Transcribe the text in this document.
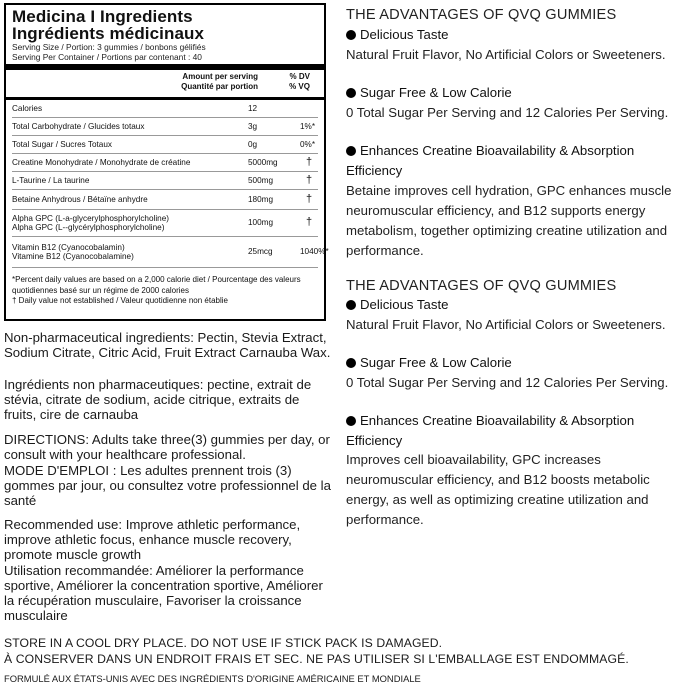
Medicina I Ingredients
Ingrédients médicinaux
Serving Size / Portion: 3 gummies / bonbons gélifiés
Serving Per Container / Portions par contenant : 40
Amount per serving
Quantité par portion
% DV
% VQ
Calories	12
Total Carbohydrate / Glucides totaux	3g	1%*
Total Sugar / Sucres Totaux	0g	0%*
Creatine Monohydrate / Monohydrate de créatine	5000mg	†
L-Taurine / La taurine	500mg	†
Betaine Anhydrous / Bétaïne anhydre	180mg	†
Alpha GPC (L-a-glycerylphosphorylcholine)
Alpha GPC (L--glycérylphosphorylcholine)
100mg	†
Vitamin B12 (Cyanocobalamin)
Vitamine B12 (Cyanocobalamine)
25mcg	1040%*
*Percent daily values are based on a 2,000 calorie diet / Pourcentage des valeurs quotidiennes basé sur un régime de 2000 calories
† Daily value not established / Valeur quotidienne non établie
Non-pharmaceutical ingredients: Pectin, Stevia Extract, Sodium Citrate, Citric Acid, Fruit Extract Carnauba Wax.
Ingrédients non pharmaceutiques: pectine, extrait de stévia, citrate de sodium, acide citrique, extraits de fruits, cire de carnauba
DIRECTIONS: Adults take three(3) gummies per day, or consult with your healthcare professional.
MODE D'EMPLOI : Les adultes prennent trois (3) gommes par jour, ou consultez votre professionnel de la santé
Recommended use: Improve athletic performance, improve athletic focus, enhance muscle recovery, promote muscle growth
Utilisation recommandée: Améliorer la performance sportive, Améliorer la concentration sportive, Améliorer la récupération musculaire, Favoriser la croissance musculaire
THE ADVANTAGES OF QVQ GUMMIES
Delicious Taste
Natural Fruit Flavor, No Artificial Colors or Sweeteners.
Sugar Free & Low Calorie
0 Total Sugar Per Serving and 12 Calories Per Serving.
Enhances Creatine Bioavailability & Absorption Efficiency
Betaine improves cell hydration, GPC enhances muscle neuromuscular efficiency, and B12 supports energy metabolism, together optimizing creatine utilization and performance.
THE ADVANTAGES OF QVQ GUMMIES
Delicious Taste
Natural Fruit Flavor, No Artificial Colors or Sweeteners.
Sugar Free & Low Calorie
0 Total Sugar Per Serving and 12 Calories Per Serving.
Enhances Creatine Bioavailability & Absorption Efficiency
Improves cell bioavailability, GPC increases neuromuscular efficiency, and B12 boosts metabolic energy, as well as optimizing creatine utilization and performance.
STORE IN A COOL DRY PLACE. DO NOT USE IF STICK PACK IS DAMAGED.
À CONSERVER DANS UN ENDROIT FRAIS ET SEC. NE PAS UTILISER SI L'EMBALLAGE EST ENDOMMAGÉ.
FORMULÉ AUX ÉTATS-UNIS AVEC DES INGRÉDIENTS D'ORIGINE AMÉRICAINE ET MONDIALE
